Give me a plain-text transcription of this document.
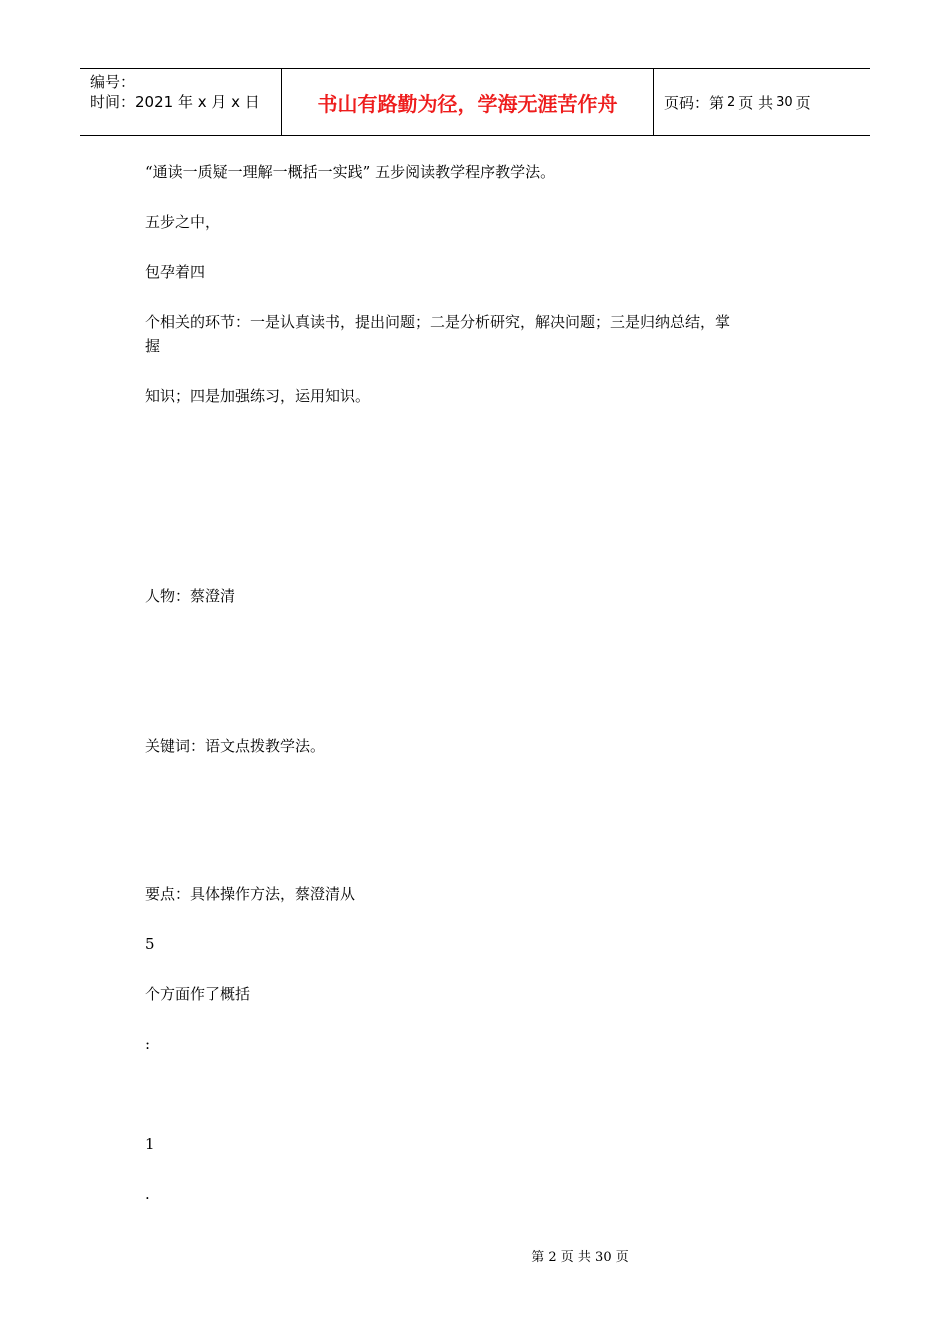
编号：
时间：2021 年 x 月 x 日	书山有路勤为径，学海无涯苦作舟	页码：第 2 页 共 30 页

“通读一质疑一理解一概括一实践” 五步阅读教学程序教学法。

五步之中，

包孕着四

个相关的环节：一是认真读书，提出问题；二是分析研究，解决问题；三是归纳总结，掌
握

知识；四是加强练习，运用知识。

人物：蔡澄清

关键词：语文点拨教学法。

要点：具体操作方法，蔡澄清从

5

个方面作了概括

:

1

.

第 2 页 共 30 页
